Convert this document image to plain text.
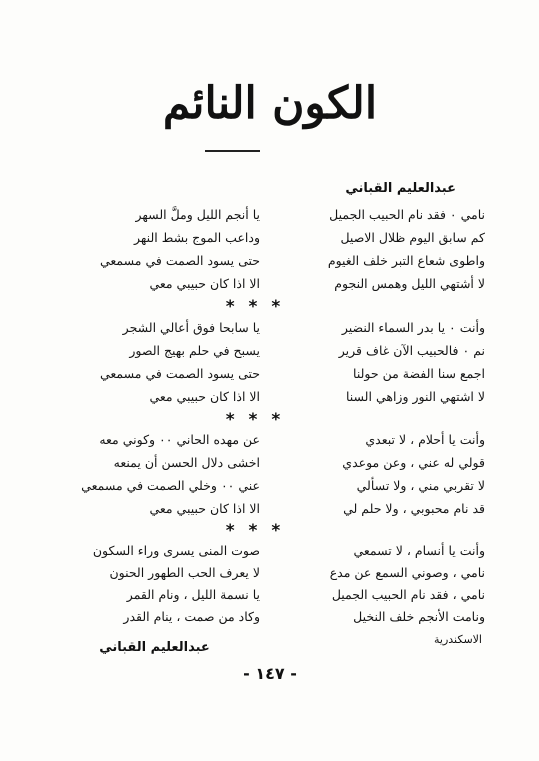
الكون النائم
عبدالعليم القباني
نامي ٠ فقد نام الحبيب الجميل
يا أنجم الليل وملَّ السهر
كم سابق اليوم ظلال الاصيل
وداعب الموج بشط النهر
واطوى شعاع التبر خلف الغيوم
حتى يسود الصمت في مسمعي
لا أشتهي الليل وهمس النجوم
الا اذا كان حبيبي معي
* * *
وأنت ٠ يا بدر السماء النضير
يا سابحا فوق أعالي الشجر
نم ٠ فالحبيب الآن غاف قرير
يسبح في حلم بهيج الصور
اجمع سنا الفضة من حولنا
حتى يسود الصمت في مسمعي
لا اشتهي النور وزاهي السنا
الا اذا كان حبيبي معي
* * *
وأنت يا أحلام ، لا تبعدي
عن مهده الحاني ٠٠ وكوني معه
قولي له عني ، وعن موعدي
اخشى دلال الحسن أن يمنعه
لا تقربي مني ، ولا تسألي
عني ٠٠ وخلي الصمت في مسمعي
قد نام محبوبي ، ولا حلم لي
الا اذا كان حبيبي معي
* * *
وأنت يا أنسام ، لا تسمعي
صوت المنى يسرى وراء السكون
نامي ، وصوني السمع عن مدع
لا يعرف الحب الطهور الحنون
نامي ، فقد نام الحبيب الجميل
يا نسمة الليل ، ونام القمر
ونامت الأنجم خلف النخيل
وكاد من صمت ، ينام القدر
الاسكندرية
عبدالعليم القباني
- ١٤٧ -
